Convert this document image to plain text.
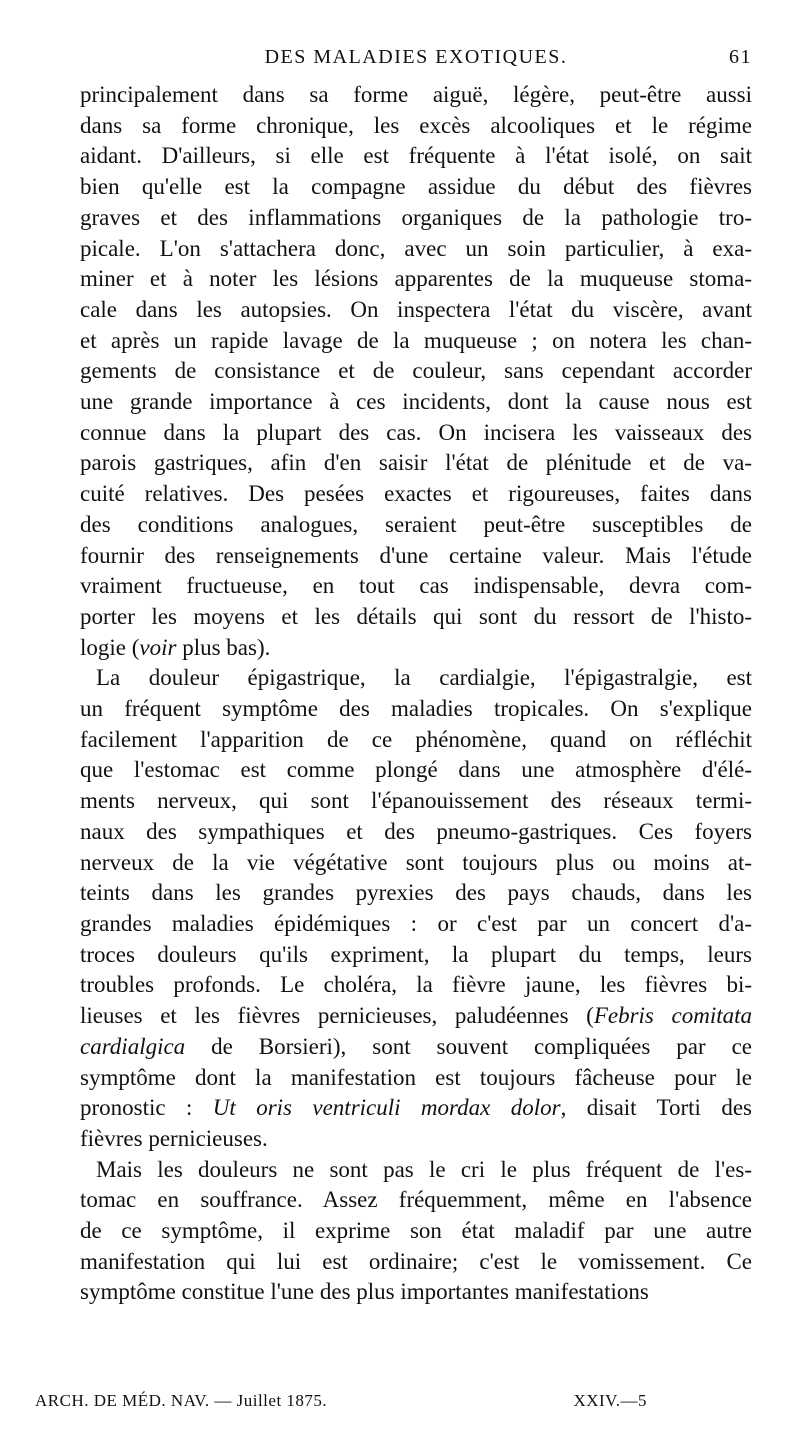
DES MALADIES EXOTIQUES.	61

principalement dans sa forme aiguë, légère, peut-être aussi
dans sa forme chronique, les excès alcooliques et le régime
aidant. D'ailleurs, si elle est fréquente à l'état isolé, on sait
bien qu'elle est la compagne assidue du début des fièvres
graves et des inflammations organiques de la pathologie tro-
picale. L'on s'attachera donc, avec un soin particulier, à exa-
miner et à noter les lésions apparentes de la muqueuse stoma-
cale dans les autopsies. On inspectera l'état du viscère, avant
et après un rapide lavage de la muqueuse ; on notera les chan-
gements de consistance et de couleur, sans cependant accorder
une grande importance à ces incidents, dont la cause nous est
connue dans la plupart des cas. On incisera les vaisseaux des
parois gastriques, afin d'en saisir l'état de plénitude et de va-
cuité relatives. Des pesées exactes et rigoureuses, faites dans
des conditions analogues, seraient peut-être susceptibles de
fournir des renseignements d'une certaine valeur. Mais l'étude
vraiment fructueuse, en tout cas indispensable, devra com-
porter les moyens et les détails qui sont du ressort de l'histo-
logie (voir plus bas).

La douleur épigastrique, la cardialgie, l'épigastralgie, est
un fréquent symptôme des maladies tropicales. On s'explique
facilement l'apparition de ce phénomène, quand on réfléchit
que l'estomac est comme plongé dans une atmosphère d'élé-
ments nerveux, qui sont l'épanouissement des réseaux termi-
naux des sympathiques et des pneumo-gastriques. Ces foyers
nerveux de la vie végétative sont toujours plus ou moins at-
teints dans les grandes pyrexies des pays chauds, dans les
grandes maladies épidémiques : or c'est par un concert d'a-
troces douleurs qu'ils expriment, la plupart du temps, leurs
troubles profonds. Le choléra, la fièvre jaune, les fièvres bi-
lieuses et les fièvres pernicieuses, paludéennes (Febris comitata
cardialgica de Borsieri), sont souvent compliquées par ce
symptôme dont la manifestation est toujours fâcheuse pour le
pronostic : Ut oris ventriculi mordax dolor, disait Torti des
fièvres pernicieuses.

Mais les douleurs ne sont pas le cri le plus fréquent de l'es-
tomac en souffrance. Assez fréquemment, même en l'absence
de ce symptôme, il exprime son état maladif par une autre
manifestation qui lui est ordinaire; c'est le vomissement. Ce
symptôme constitue l'une des plus importantes manifestations

ARCH. DE MÉD. NAV. — Juillet 1875.	XXIV.—5
